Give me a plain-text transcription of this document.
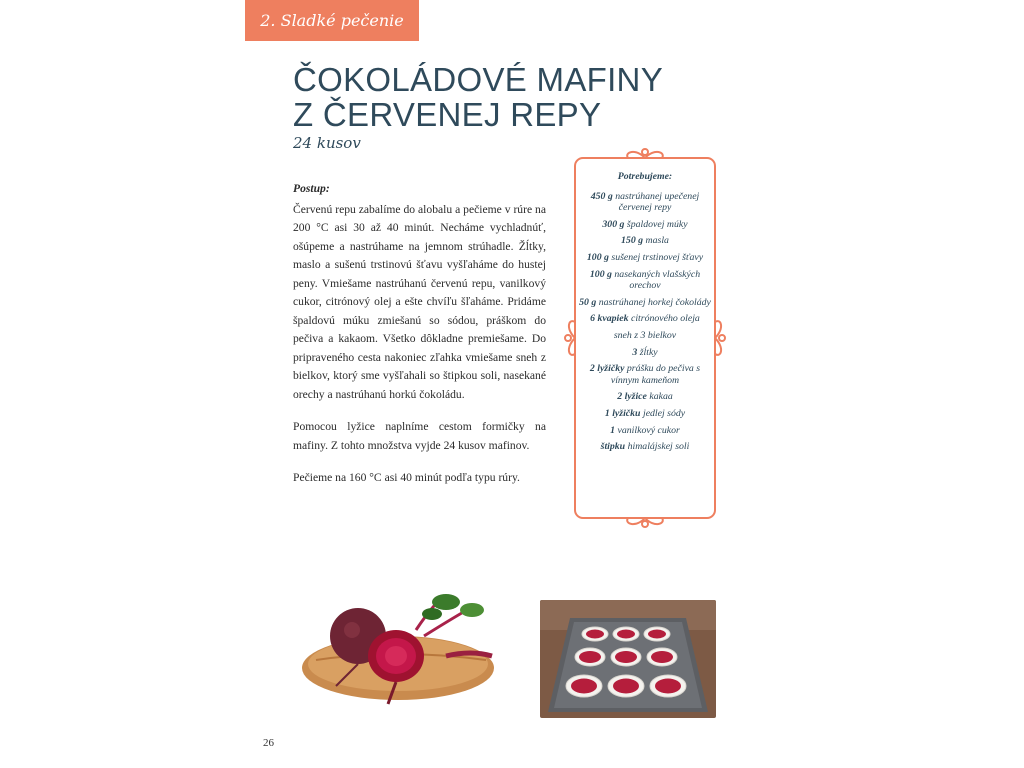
2. Sladké pečenie
ČOKOLÁDOVÉ MAFINY
Z ČERVENEJ REPY
24 kusov
Postup:

Červenú repu zabalíme do alobalu a pečieme v rúre na 200 °C asi 30 až 40 minút. Necháme vychladnúť, ošúpeme a nastrúhame na jemnom strúhadle. Žĺtky, maslo a sušenú trstinovú šťavu vyšľaháme do hustej peny. Vmiešame nastrúhanú červenú repu, vanilkový cukor, citrónový olej a ešte chvíľu šľaháme. Pridáme špaldovú múku zmiešanú so sódou, práškom do pečiva a kakaom. Všetko dôkladne premiešame. Do pripraveného cesta nakoniec zľahka vmiešame sneh z bielkov, ktorý sme vyšľahali so štipkou soli, nasekané orechy a nastrúhanú horkú čokoládu.

Pomocou lyžice naplníme cestom formičky na mafiny. Z tohto množstva vyjde 24 kusov mafinov.

Pečieme na 160 °C asi 40 minút podľa typu rúry.

Potrebujeme:
450 g nastrúhanej upečenej červenej repy
300 g špaldovej múky
150 g masla
100 g sušenej trstinovej šťavy
100 g nasekaných vlašských orechov
50 g nastrúhanej horkej čokolády
6 kvapiek citrónového oleja
sneh z 3 bielkov
3 žĺtky
2 lyžičky prášku do pečiva s vínnym kameňom
2 lyžice kakaa
1 lyžičku jedlej sódy
1 vanilkový cukor
štipku himalájskej soli
26
